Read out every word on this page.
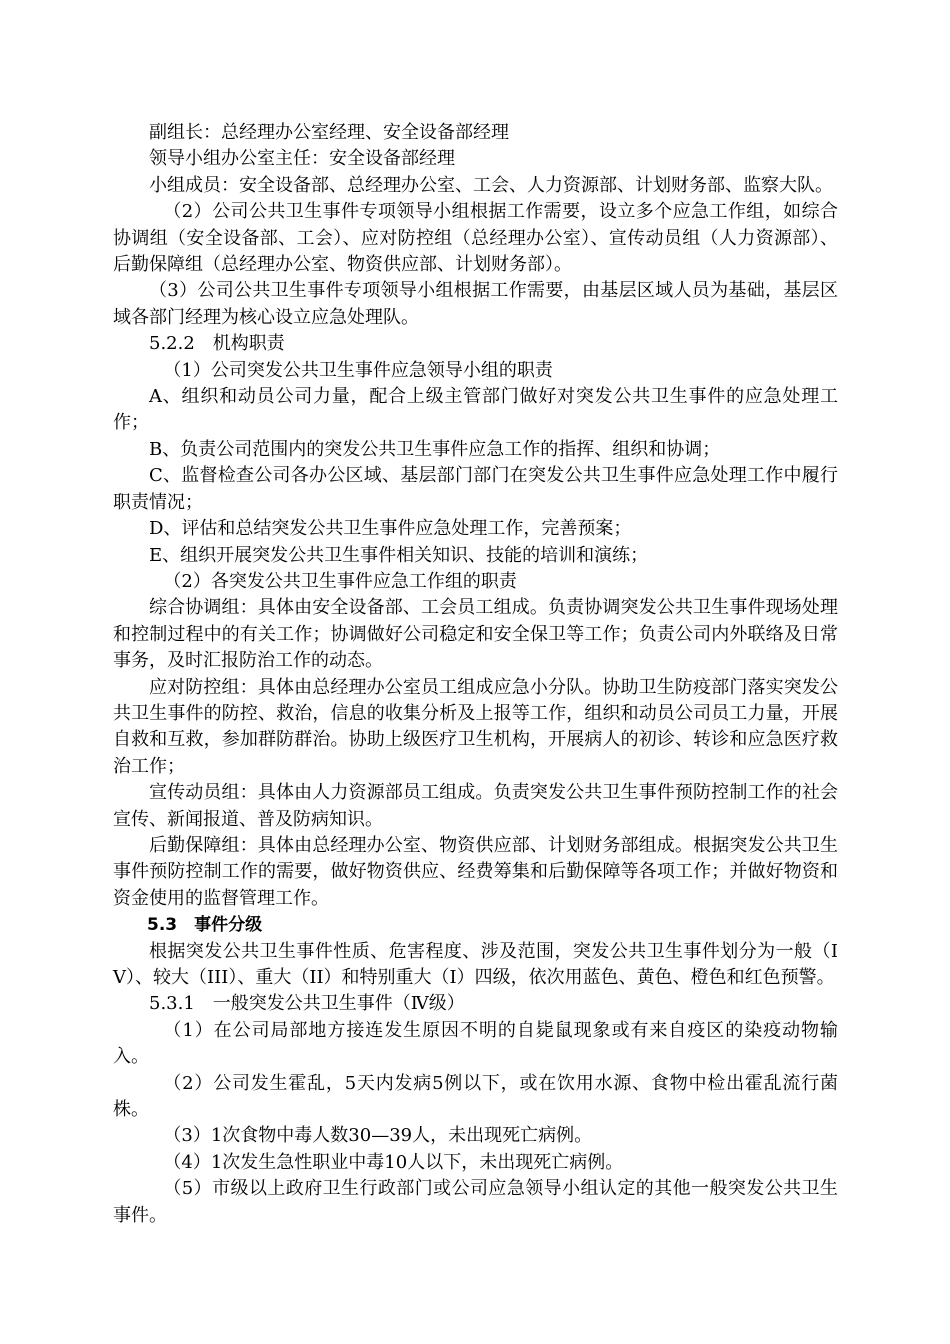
副组长：总经理办公室经理、安全设备部经理

领导小组办公室主任：安全设备部经理

小组成员：安全设备部、总经理办公室、工会、人力资源部、计划财务部、监察大队。

（2）公司公共卫生事件专项领导小组根据工作需要，设立多个应急工作组，如综合协调组（安全设备部、工会）、应对防控组（总经理办公室）、宣传动员组（人力资源部）、后勤保障组（总经理办公室、物资供应部、计划财务部）。

（3）公司公共卫生事件专项领导小组根据工作需要，由基层区域人员为基础，基层区域各部门经理为核心设立应急处理队。

5.2.2　机构职责

（1）公司突发公共卫生事件应急领导小组的职责

A、组织和动员公司力量，配合上级主管部门做好对突发公共卫生事件的应急处理工作；

B、负责公司范围内的突发公共卫生事件应急工作的指挥、组织和协调；

C、监督检查公司各办公区域、基层部门部门在突发公共卫生事件应急处理工作中履行职责情况；

D、评估和总结突发公共卫生事件应急处理工作，完善预案；

E、组织开展突发公共卫生事件相关知识、技能的培训和演练；

（2）各突发公共卫生事件应急工作组的职责

综合协调组：具体由安全设备部、工会员工组成。负责协调突发公共卫生事件现场处理和控制过程中的有关工作；协调做好公司稳定和安全保卫等工作；负责公司内外联络及日常事务，及时汇报防治工作的动态。

应对防控组：具体由总经理办公室员工组成应急小分队。协助卫生防疫部门落实突发公共卫生事件的防控、救治，信息的收集分析及上报等工作，组织和动员公司员工力量，开展自救和互救，参加群防群治。协助上级医疗卫生机构，开展病人的初诊、转诊和应急医疗救治工作；

宣传动员组：具体由人力资源部员工组成。负责突发公共卫生事件预防控制工作的社会宣传、新闻报道、普及防病知识。

后勤保障组：具体由总经理办公室、物资供应部、计划财务部组成。根据突发公共卫生事件预防控制工作的需要，做好物资供应、经费筹集和后勤保障等各项工作；并做好物资和资金使用的监督管理工作。

5.3　事件分级

根据突发公共卫生事件性质、危害程度、涉及范围，突发公共卫生事件划分为一般（IV）、较大（III）、重大（II）和特别重大（I）四级，依次用蓝色、黄色、橙色和红色预警。

5.3.1　一般突发公共卫生事件（Ⅳ级）

（1）在公司局部地方接连发生原因不明的自毙鼠现象或有来自疫区的染疫动物输入。

（2）公司发生霍乱，5天内发病5例以下，或在饮用水源、食物中检出霍乱流行菌株。

（3）1次食物中毒人数30—39人，未出现死亡病例。

（4）1次发生急性职业中毒10人以下，未出现死亡病例。

（5）市级以上政府卫生行政部门或公司应急领导小组认定的其他一般突发公共卫生事件。
